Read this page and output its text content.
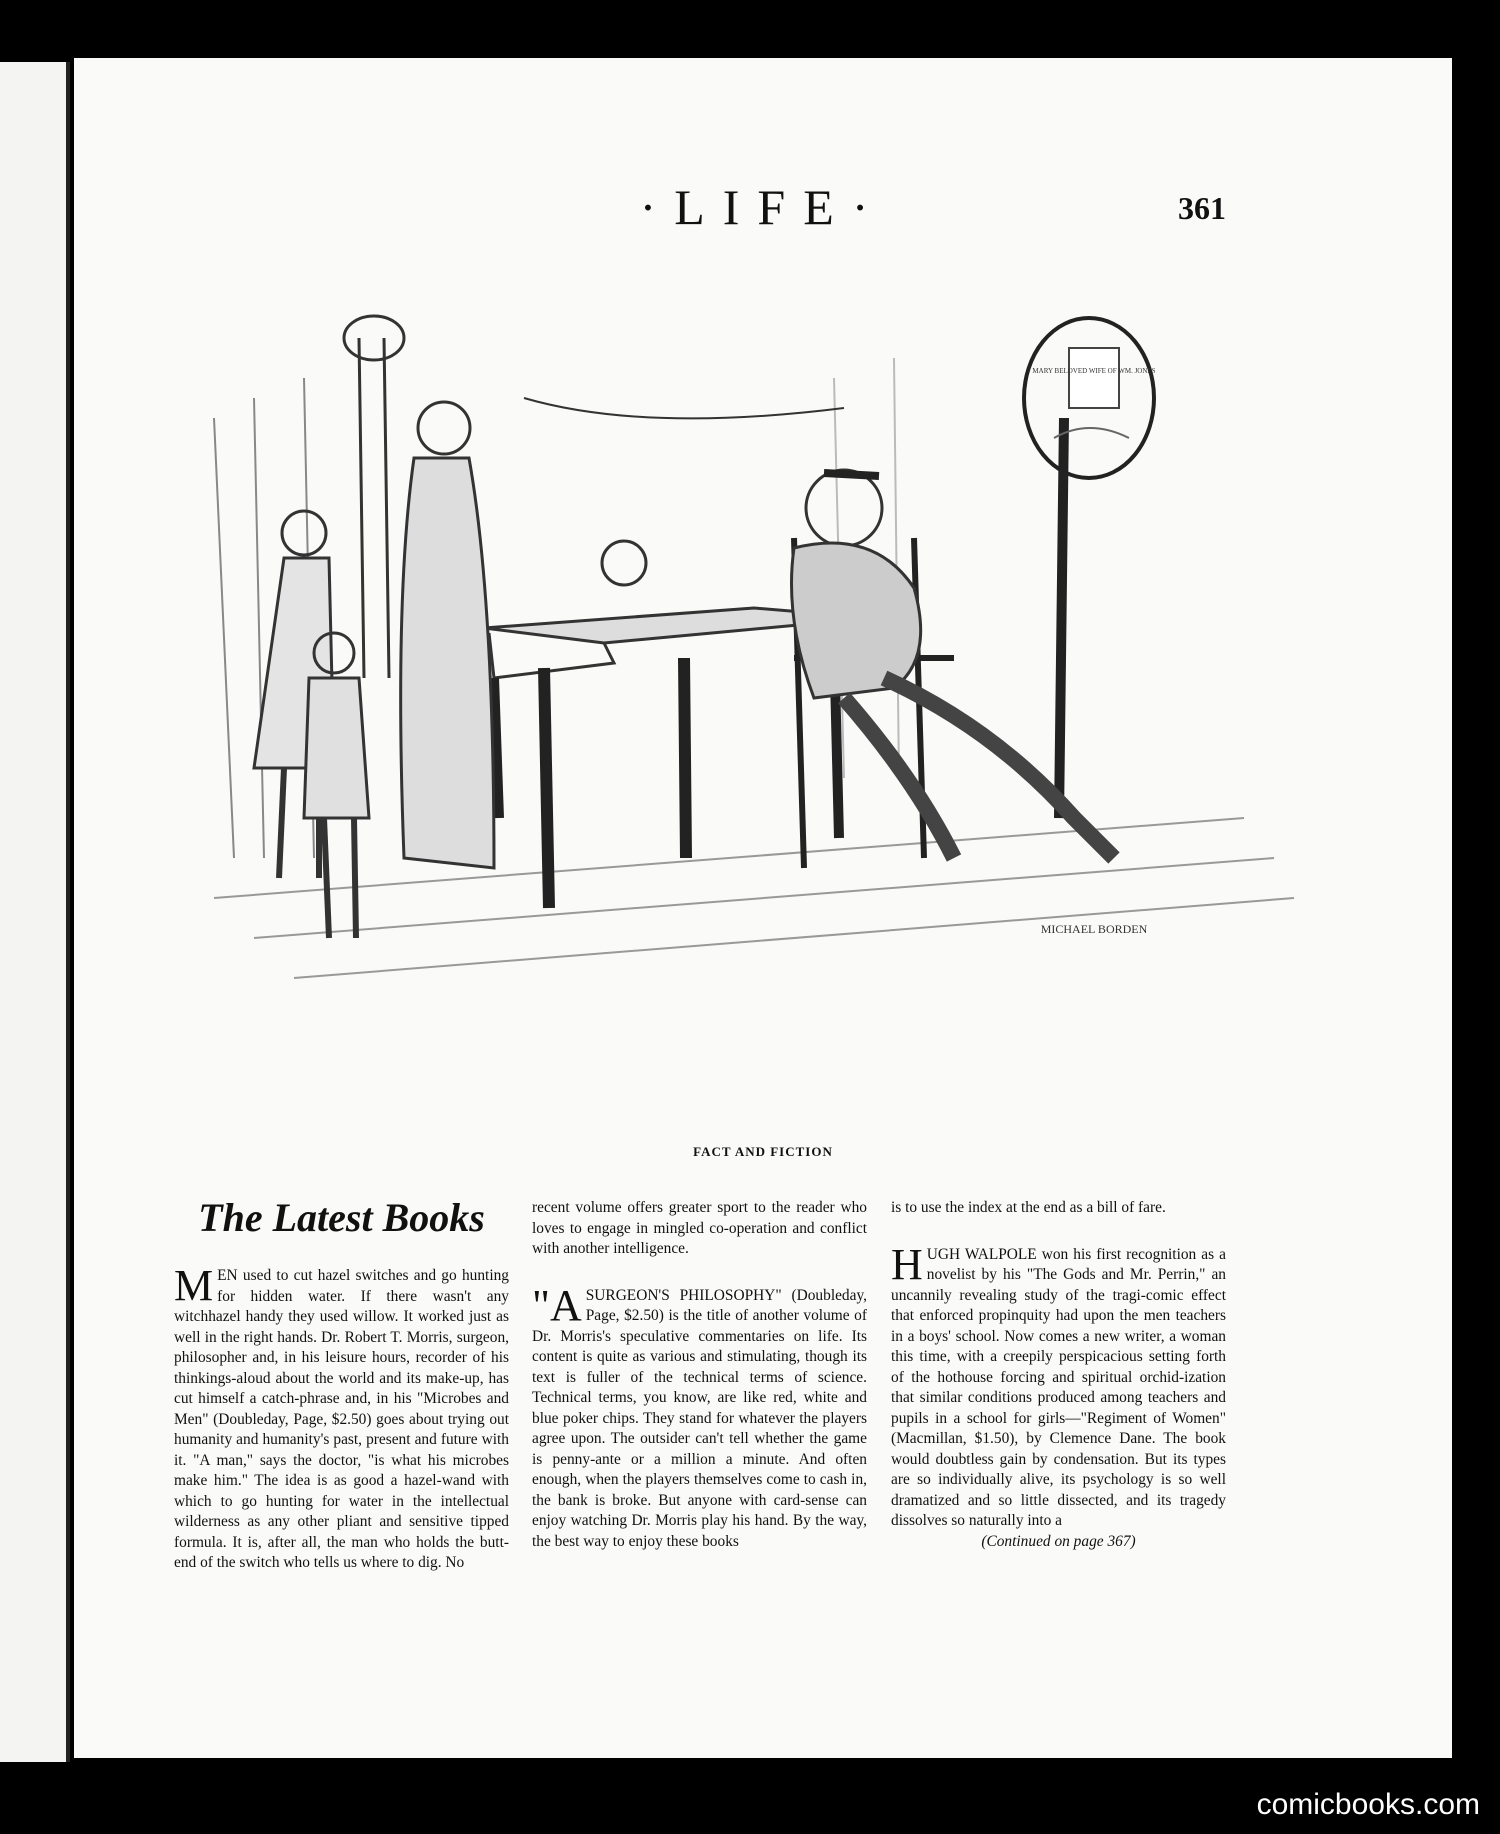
·LIFE·	361
MARY BELOVED WIFE OF WM. JONES
MICHAEL BORDEN
FACT AND FICTION
The Latest Books

MEN used to cut hazel switches and go hunting for hidden water. If there wasn't any witchhazel handy they used willow. It worked just as well in the right hands. Dr. Robert T. Morris, surgeon, philosopher and, in his leisure hours, recorder of his thinkings-aloud about the world and its make-up, has cut himself a catch-phrase and, in his "Microbes and Men" (Doubleday, Page, $2.50) goes about trying out humanity and humanity's past, present and future with it. "A man," says the doctor, "is what his microbes make him." The idea is as good a hazel-wand with which to go hunting for water in the intellectual wilderness as any other pliant and sensitive tipped formula. It is, after all, the man who holds the butt-end of the switch who tells us where to dig. No

recent volume offers greater sport to the reader who loves to engage in mingled co-operation and conflict with another intelligence.

"ASURGEON'S PHILOSOPHY" (Doubleday, Page, $2.50) is the title of another volume of Dr. Morris's speculative commentaries on life. Its content is quite as various and stimulating, though its text is fuller of the technical terms of science. Technical terms, you know, are like red, white and blue poker chips. They stand for whatever the players agree upon. The outsider can't tell whether the game is penny-ante or a million a minute. And often enough, when the players themselves come to cash in, the bank is broke. But anyone with card-sense can enjoy watching Dr. Morris play his hand. By the way, the best way to enjoy these books

is to use the index at the end as a bill of fare.

HUGH WALPOLE won his first recognition as a novelist by his "The Gods and Mr. Perrin," an uncannily revealing study of the tragi-comic effect that enforced propinquity had upon the men teachers in a boys' school. Now comes a new writer, a woman this time, with a creepily perspicacious setting forth of the hothouse forcing and spiritual orchid-ization that similar conditions produced among teachers and pupils in a school for girls—"Regiment of Women" (Macmillan, $1.50), by Clemence Dane. The book would doubtless gain by condensation. But its types are so individually alive, its psychology is so well dramatized and so little dissected, and its tragedy dissolves so naturally into a

(Continued on page 367)

comicbooks.com
